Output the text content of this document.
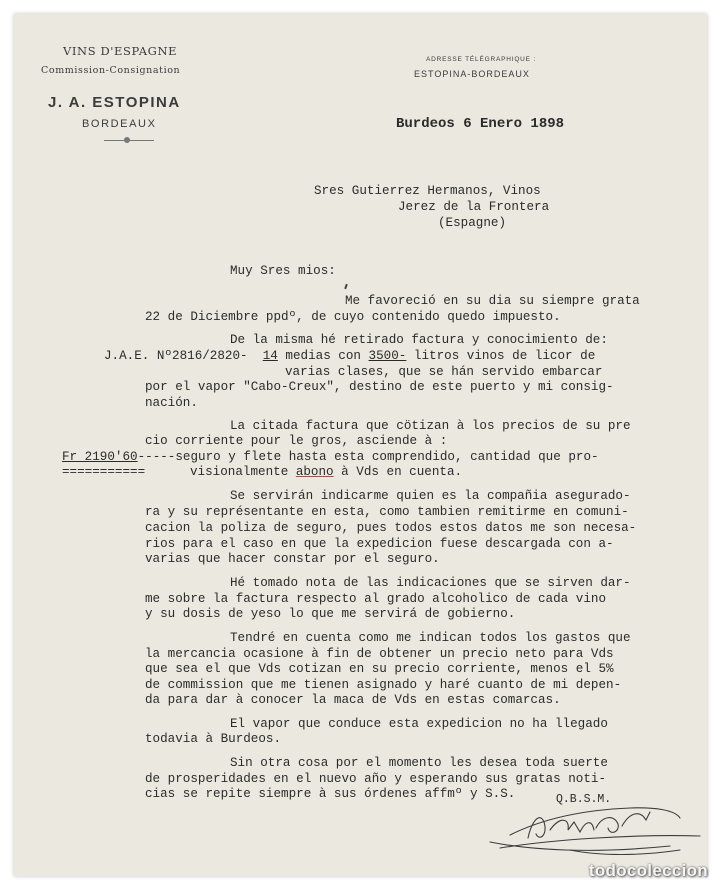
VINS D'ESPAGNE
Commission-Consignation
J. A. ESTOPINA
BORDEAUX
ADRESSE TÉLÉGRAPHIQUE :
ESTOPINA-BORDEAUX
Burdeos 6 Enero 1898
Sres Gutierrez Hermanos, Vinos
Jerez de la Frontera
(Espagne)
Muy Sres mios:
Me favoreció en su dia su siempre grata
22 de Diciembre ppdº, de cuyo contenido quedo impuesto.
De la misma hé retirado factura y conocimiento de:
J.A.E. Nº2816/2820- 14 medias con 3500- litros vinos de licor de
varias clases, que se hán servido embarcar
por el vapor "Cabo-Creux", destino de este puerto y mi consig-
nación.
La citada factura que cötizan à los precios de su pre
cio corriente pour le gros, asciende à :
Fr 2190'60-----seguro y flete hasta esta comprendido, cantidad que pro-
===========	visionalmente abono à Vds en cuenta.
Se servirán indicarme quien es la compañia asegurado-
ra y su représentante en esta, como tambien remitirme en comuni-
cacion la poliza de seguro, pues todos estos datos me son necesa-
rios para el caso en que la expedicion fuese descargada con a-
varias que hacer constar por el seguro.
Hé tomado nota de las indicaciones que se sirven dar-
me sobre la factura respecto al grado alcoholico de cada vino
y su dosis de yeso lo que me servirá de gobierno.
Tendré en cuenta como me indican todos los gastos que
la mercancia ocasione à fin de obtener un precio neto para Vds
que sea el que Vds cotizan en su precio corriente, menos el 5%
de commission que me tienen asignado y haré cuanto de mi depen-
da para dar à conocer la maca de Vds en estas comarcas.
El vapor que conduce esta expedicion no ha llegado
todavia à Burdeos.
Sin otra cosa por el momento les desea toda suerte
de prosperidades en el nuevo año y esperando sus gratas noti-
cias se repite siempre à sus órdenes affmº y S.S.	Q.B.S.M.
todocoleccion
